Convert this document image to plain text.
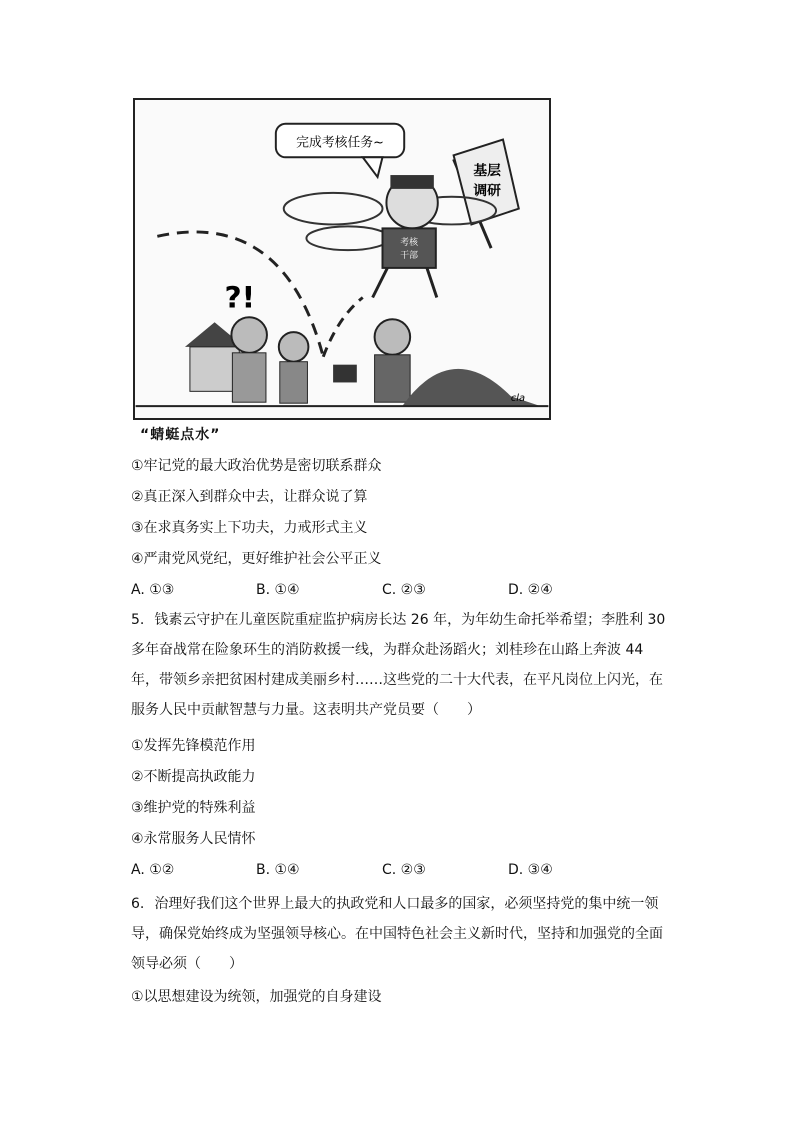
完成考核任务~
基层
调研
考核
干部
?!
cla
“蜻蜓点水”
①牢记党的最大政治优势是密切联系群众
②真正深入到群众中去，让群众说了算
③在求真务实上下功夫，力戒形式主义
④严肃党风党纪，更好维护社会公平正义
A. ①③	B. ①④	C. ②③	D. ②④
5. 钱素云守护在儿童医院重症监护病房长达 26 年，为年幼生命托举希望；李胜利 30 多年奋战常在险象环生的消防救援一线，为群众赴汤蹈火；刘桂珍在山路上奔波 44 年，带领乡亲把贫困村建成美丽乡村……这些党的二十大代表，在平凡岗位上闪光，在服务人民中贡献智慧与力量。这表明共产党员要（　　）
①发挥先锋模范作用
②不断提高执政能力
③维护党的特殊利益
④永常服务人民情怀
A. ①②	B. ①④	C. ②③	D. ③④
6. 治理好我们这个世界上最大的执政党和人口最多的国家，必须坚持党的集中统一领导，确保党始终成为坚强领导核心。在中国特色社会主义新时代，坚持和加强党的全面领导必须（　　）
①以思想建设为统领，加强党的自身建设
